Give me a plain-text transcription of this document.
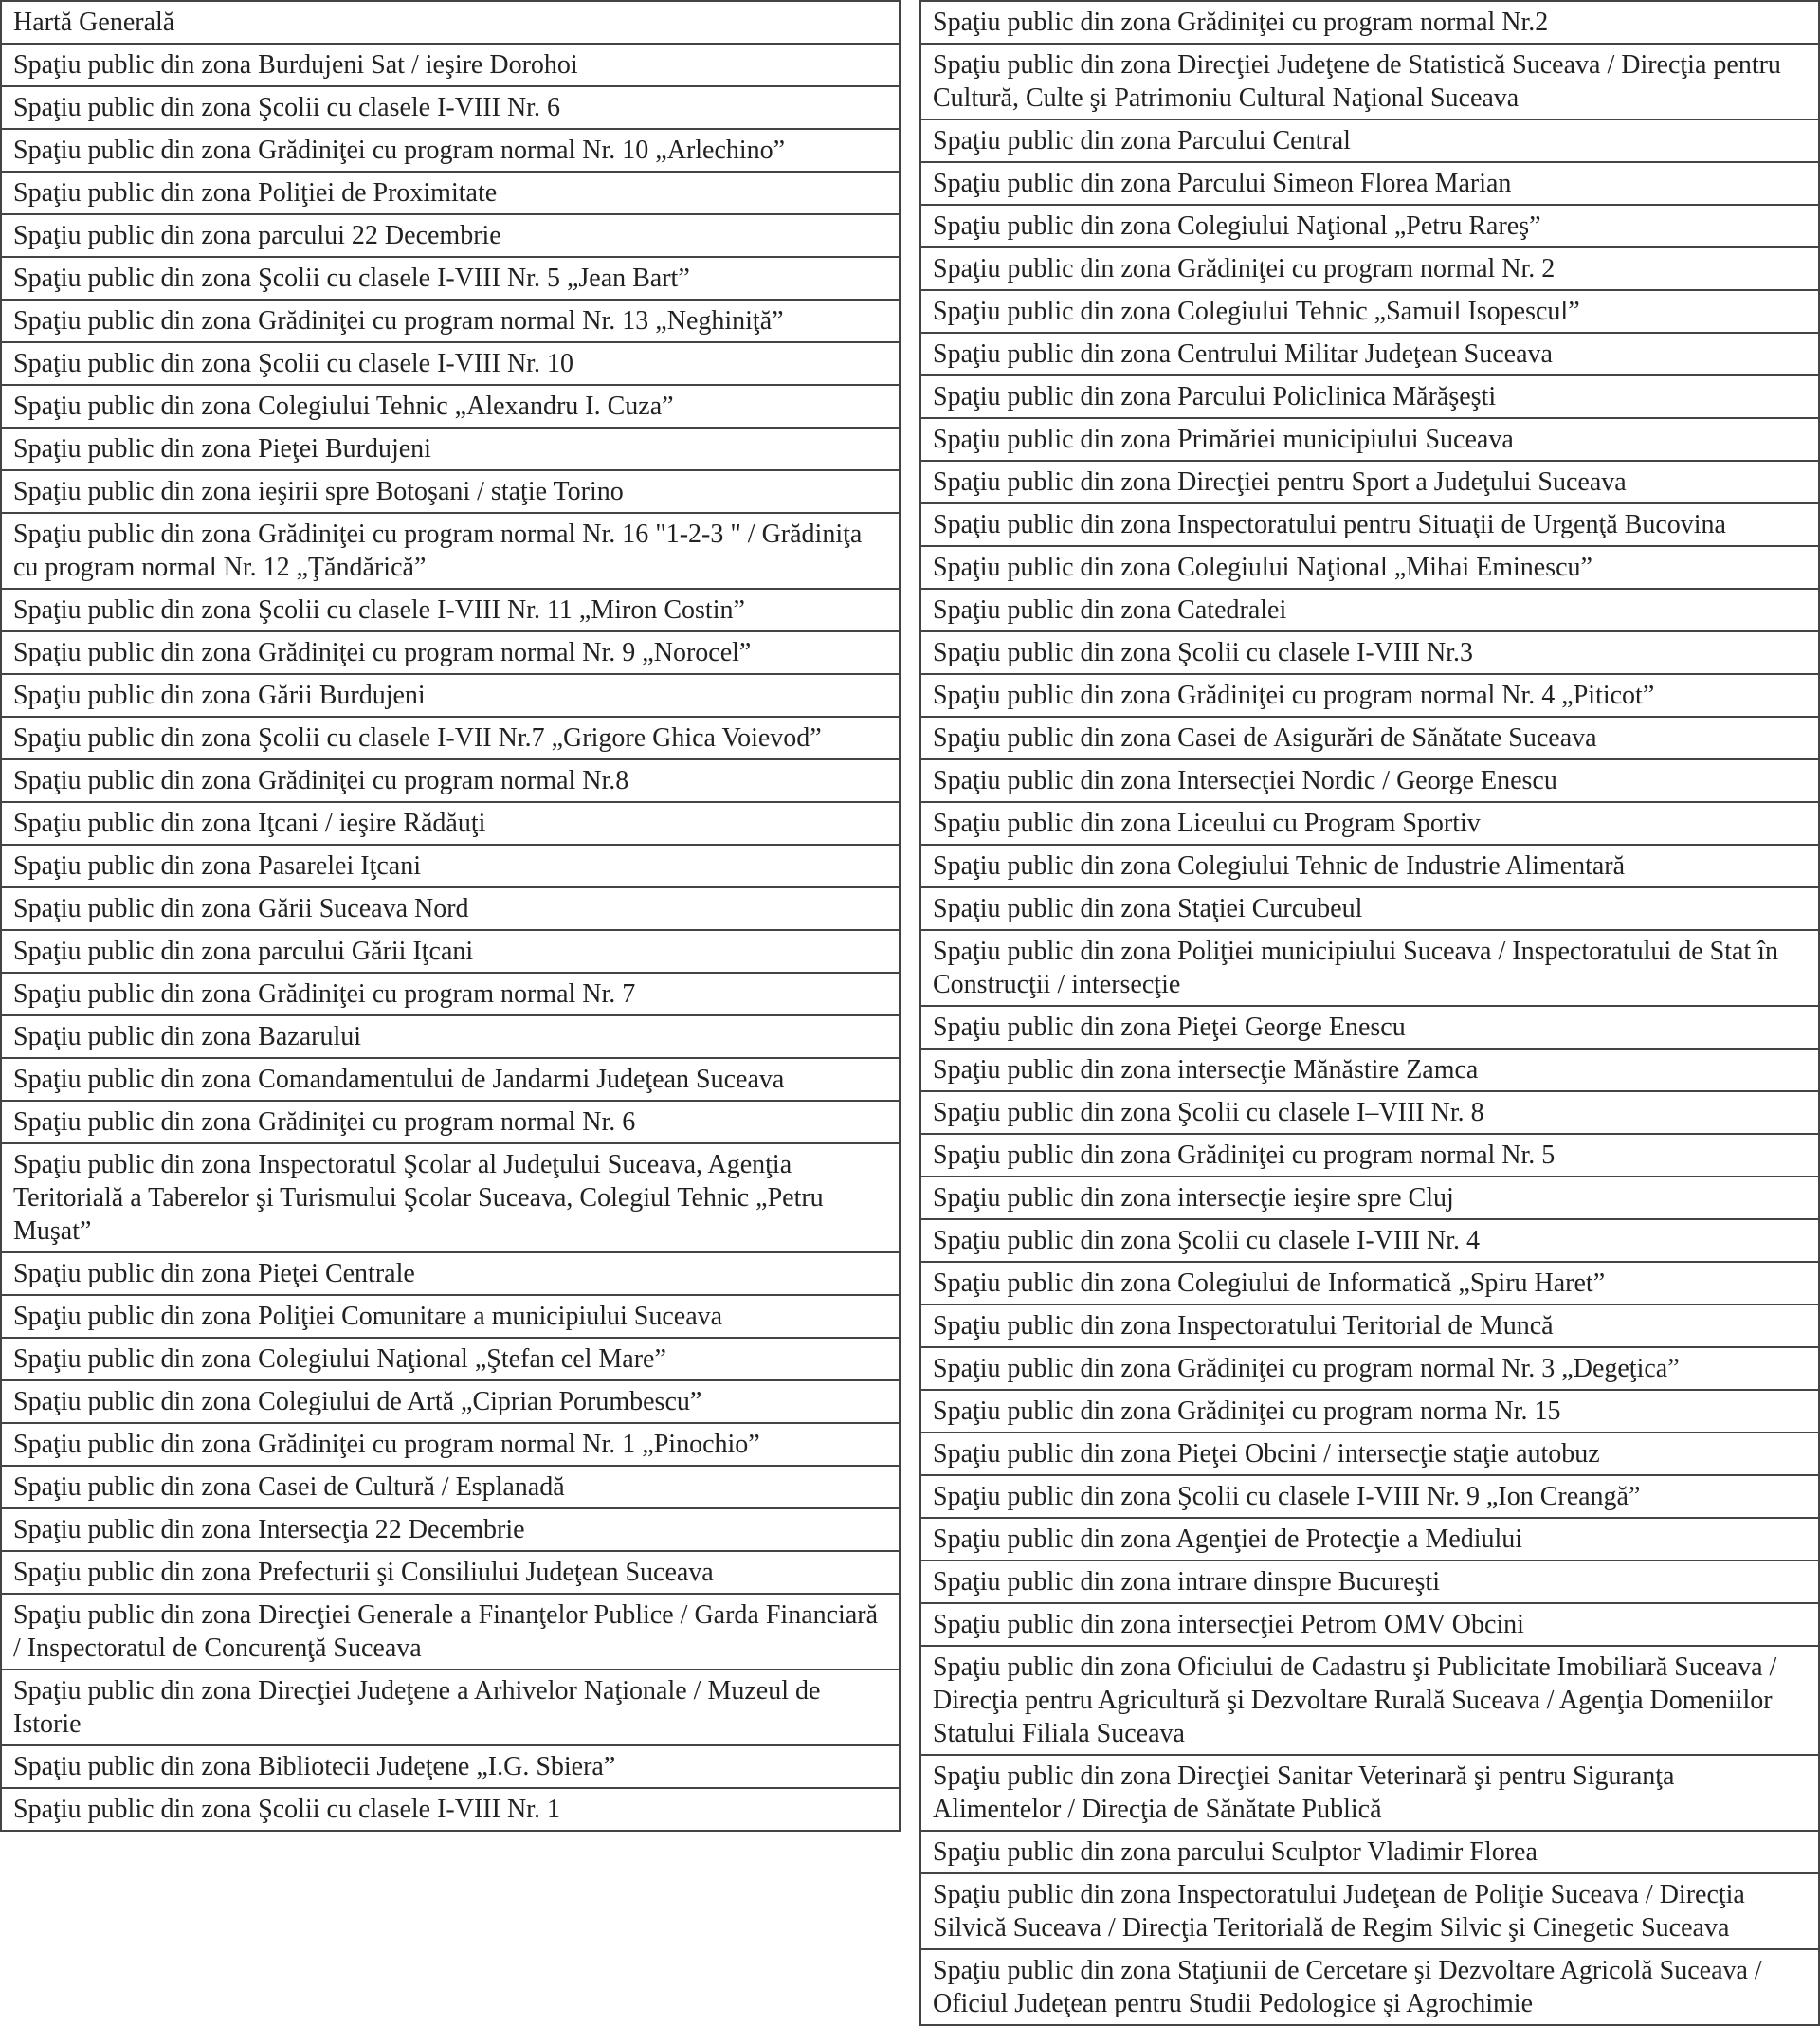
Hartă Generală
Spaţiu public din zona Burdujeni Sat / ieşire Dorohoi
Spaţiu public din zona Şcolii cu clasele I-VIII Nr. 6
Spaţiu public din zona Grădiniţei cu program normal Nr. 10 „Arlechino”
Spaţiu public din zona Poliţiei de Proximitate
Spaţiu public din zona parcului 22 Decembrie
Spaţiu public din zona Şcolii cu clasele I-VIII Nr. 5 „Jean Bart”
Spaţiu public din zona Grădiniţei cu program normal Nr. 13 „Neghiniţă”
Spaţiu public din zona Şcolii cu clasele I-VIII Nr. 10
Spaţiu public din zona Colegiului Tehnic „Alexandru I. Cuza”
Spaţiu public din zona Pieţei Burdujeni
Spaţiu public din zona ieşirii spre Botoşani / staţie Torino
Spaţiu public din zona Grădiniţei cu program normal Nr. 16 "1-2-3 " / Grădiniţa cu program normal Nr. 12 „Ţăndărică”
Spaţiu public din zona Şcolii cu clasele I-VIII Nr. 11 „Miron Costin”
Spaţiu public din zona Grădiniţei cu program normal Nr. 9 „Norocel”
Spaţiu public din zona Gării Burdujeni
Spaţiu public din zona Şcolii cu clasele I-VII Nr.7 „Grigore Ghica Voievod”
Spaţiu public din zona Grădiniţei cu program normal Nr.8
Spaţiu public din zona Iţcani / ieşire Rădăuţi
Spaţiu public din zona Pasarelei Iţcani
Spaţiu public din zona Gării Suceava Nord
Spaţiu public din zona parcului Gării Iţcani
Spaţiu public din zona Grădiniţei cu program normal Nr. 7
Spaţiu public din zona Bazarului
Spaţiu public din zona Comandamentului de Jandarmi Judeţean Suceava
Spaţiu public din zona Grădiniţei cu program normal Nr. 6
Spaţiu public din zona Inspectoratul Şcolar al Judeţului Suceava, Agenţia Teritorială a Taberelor şi Turismului Şcolar Suceava, Colegiul Tehnic „Petru Muşat”
Spaţiu public din zona Pieţei Centrale
Spaţiu public din zona Poliţiei Comunitare a municipiului Suceava
Spaţiu public din zona Colegiului Naţional „Ştefan cel Mare”
Spaţiu public din zona Colegiului de Artă „Ciprian Porumbescu”
Spaţiu public din zona Grădiniţei cu program normal Nr. 1 „Pinochio”
Spaţiu public din zona Casei de Cultură / Esplanadă
Spaţiu public din zona Intersecţia 22 Decembrie
Spaţiu public din zona Prefecturii şi Consiliului Judeţean Suceava
Spaţiu public din zona Direcţiei Generale a Finanţelor Publice / Garda Financiară / Inspectoratul de Concurenţă Suceava
Spaţiu public din zona Direcţiei Judeţene a Arhivelor Naţionale / Muzeul de Istorie
Spaţiu public din zona Bibliotecii Judeţene „I.G. Sbiera”
Spaţiu public din zona Şcolii cu clasele I-VIII Nr. 1
Spaţiu public din zona Grădiniţei cu program normal Nr.2
Spaţiu public din zona Direcţiei Judeţene de Statistică Suceava / Direcţia pentru Cultură, Culte şi Patrimoniu Cultural Naţional Suceava
Spaţiu public din zona Parcului Central
Spaţiu public din zona Parcului Simeon Florea Marian
Spaţiu public din zona Colegiului Naţional „Petru Rareş”
Spaţiu public din zona Grădiniţei cu program normal Nr. 2
Spaţiu public din zona Colegiului Tehnic „Samuil Isopescul”
Spaţiu public din zona Centrului Militar Judeţean Suceava
Spaţiu public din zona Parcului Policlinica Mărăşeşti
Spaţiu public din zona Primăriei municipiului Suceava
Spaţiu public din zona Direcţiei pentru Sport a Judeţului Suceava
Spaţiu public din zona Inspectoratului pentru Situaţii de Urgenţă Bucovina
Spaţiu public din zona Colegiului Naţional „Mihai Eminescu”
Spaţiu public din zona Catedralei
Spaţiu public din zona Şcolii cu clasele I-VIII Nr.3
Spaţiu public din zona Grădiniţei cu program normal Nr. 4 „Piticot”
Spaţiu public din zona Casei de Asigurări de Sănătate Suceava
Spaţiu public din zona Intersecţiei Nordic / George Enescu
Spaţiu public din zona Liceului cu Program Sportiv
Spaţiu public din zona Colegiului Tehnic de Industrie Alimentară
Spaţiu public din zona Staţiei Curcubeul
Spaţiu public din zona Poliţiei municipiului Suceava / Inspectoratului de Stat în Construcţii / intersecţie
Spaţiu public din zona Pieţei George Enescu
Spaţiu public din zona intersecţie Mănăstire Zamca
Spaţiu public din zona Şcolii cu clasele I–VIII Nr. 8
Spaţiu public din zona Grădiniţei cu program normal Nr. 5
Spaţiu public din zona intersecţie ieşire spre Cluj
Spaţiu public din zona Şcolii cu clasele I-VIII Nr. 4
Spaţiu public din zona Colegiului de Informatică „Spiru Haret”
Spaţiu public din zona Inspectoratului Teritorial de Muncă
Spaţiu public din zona Grădiniţei cu program normal Nr. 3 „Degeţica”
Spaţiu public din zona Grădiniţei cu program norma Nr. 15
Spaţiu public din zona Pieţei Obcini / intersecţie staţie autobuz
Spaţiu public din zona Şcolii cu clasele I-VIII Nr. 9 „Ion Creangă”
Spaţiu public din zona Agenţiei de Protecţie a Mediului
Spaţiu public din zona intrare dinspre Bucureşti
Spaţiu public din zona intersecţiei Petrom OMV Obcini
Spaţiu public din zona Oficiului de Cadastru şi Publicitate Imobiliară Suceava / Direcţia pentru Agricultură şi Dezvoltare Rurală Suceava / Agenţia Domeniilor Statului Filiala Suceava
Spaţiu public din zona Direcţiei Sanitar Veterinară şi pentru Siguranţa Alimentelor / Direcţia de Sănătate Publică
Spaţiu public din zona parcului Sculptor Vladimir Florea
Spaţiu public din zona Inspectoratului Judeţean de Poliţie Suceava / Direcţia Silvică Suceava / Direcţia Teritorială de Regim Silvic şi Cinegetic Suceava
Spaţiu public din zona Staţiunii de Cercetare şi Dezvoltare Agricolă Suceava / Oficiul Judeţean pentru Studii Pedologice şi Agrochimie
